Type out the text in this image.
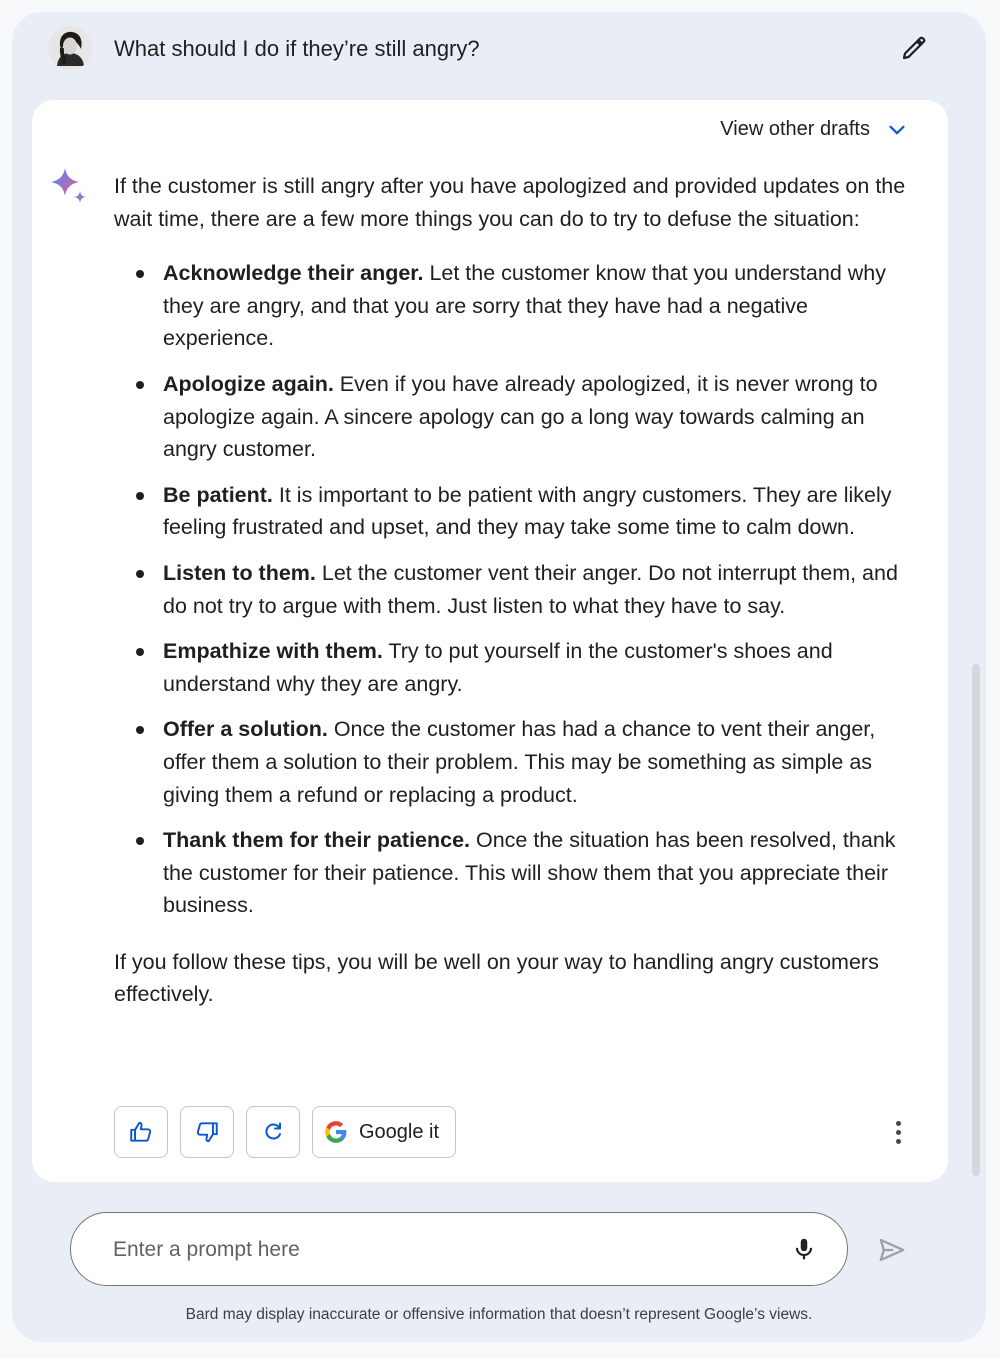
What should I do if they’re still angry?
View other drafts

If the customer is still angry after you have apologized and provided updates on the wait time, there are a few more things you can do to try to defuse the situation:

Acknowledge their anger. Let the customer know that you understand why they are angry, and that you are sorry that they have had a negative experience.
Apologize again. Even if you have already apologized, it is never wrong to apologize again. A sincere apology can go a long way towards calming an angry customer.
Be patient. It is important to be patient with angry customers. They are likely feeling frustrated and upset, and they may take some time to calm down.
Listen to them. Let the customer vent their anger. Do not interrupt them, and do not try to argue with them. Just listen to what they have to say.
Empathize with them. Try to put yourself in the customer's shoes and understand why they are angry.
Offer a solution. Once the customer has had a chance to vent their anger, offer them a solution to their problem. This may be something as simple as giving them a refund or replacing a product.
Thank them for their patience. Once the situation has been resolved, thank the customer for their patience. This will show them that you appreciate their business.

If you follow these tips, you will be well on your way to handling angry customers effectively.

Google it
Enter a prompt here
Bard may display inaccurate or offensive information that doesn’t represent Google’s views.
